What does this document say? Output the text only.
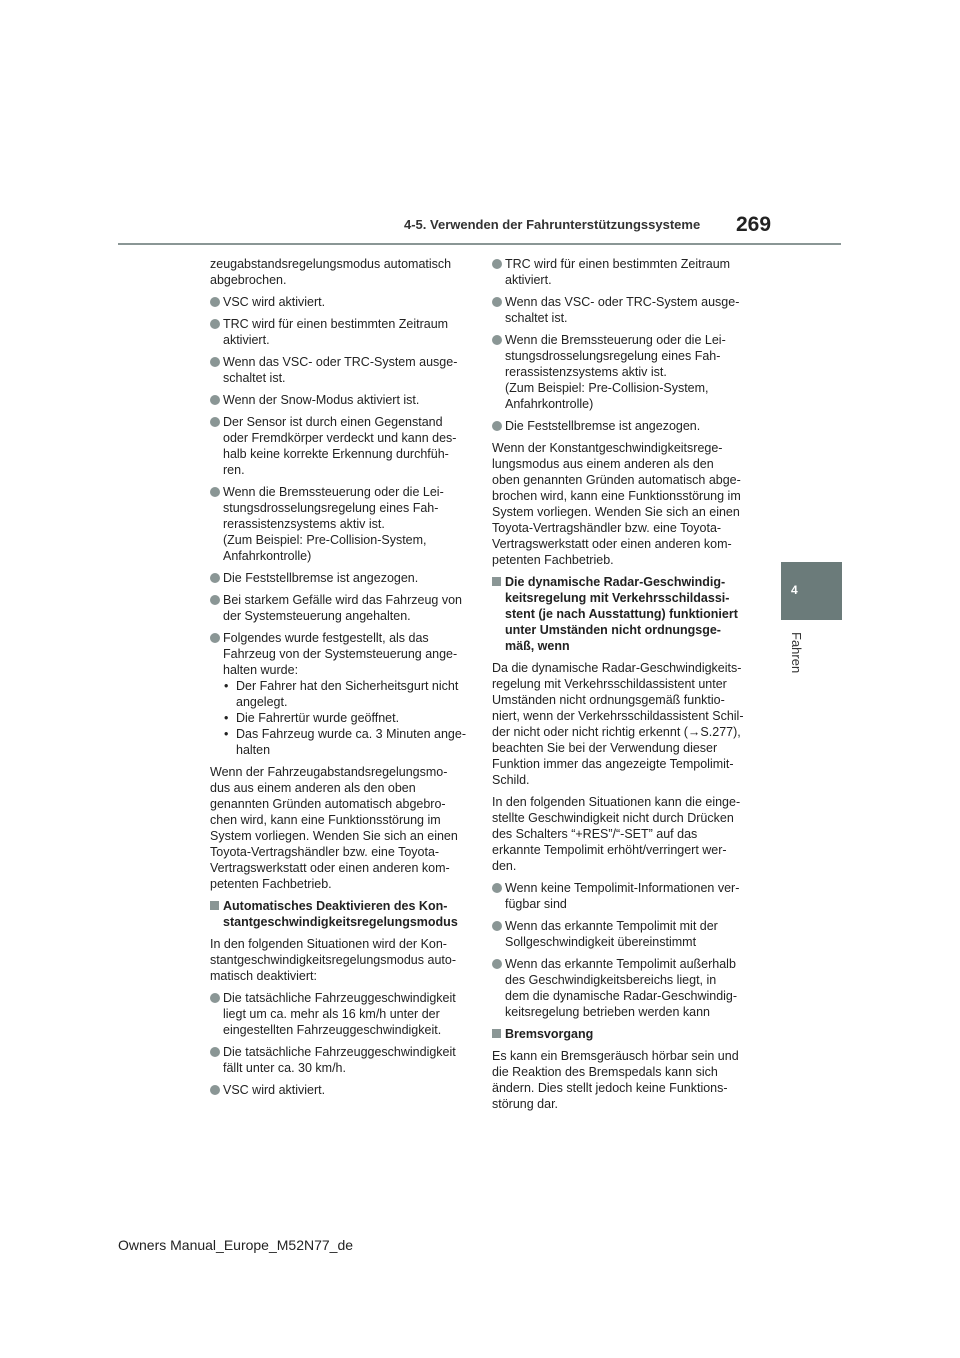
4-5. Verwenden der Fahrunterstützungssysteme 269
4
Fahren
zeugabstandsregelungsmodus automatisch
abgebrochen.
VSC wird aktiviert.
TRC wird für einen bestimmten Zeitraum
aktiviert.
Wenn das VSC- oder TRC-System ausge-
schaltet ist.
Wenn der Snow-Modus aktiviert ist.
Der Sensor ist durch einen Gegenstand
oder Fremdkörper verdeckt und kann des-
halb keine korrekte Erkennung durchfüh-
ren.
Wenn die Bremssteuerung oder die Lei-
stungsdrosselungsregelung eines Fah-
rerassistenzsystems aktiv ist.
(Zum Beispiel: Pre-Collision-System,
Anfahrkontrolle)
Die Feststellbremse ist angezogen.
Bei starkem Gefälle wird das Fahrzeug von
der Systemsteuerung angehalten.
Folgendes wurde festgestellt, als das
Fahrzeug von der Systemsteuerung ange-
halten wurde:
• Der Fahrer hat den Sicherheitsgurt nicht
angelegt.
• Die Fahrertür wurde geöffnet.
• Das Fahrzeug wurde ca. 3 Minuten ange-
halten
Wenn der Fahrzeugabstandsregelungsmo-
dus aus einem anderen als den oben
genannten Gründen automatisch abgebro-
chen wird, kann eine Funktionsstörung im
System vorliegen. Wenden Sie sich an einen
Toyota-Vertragshändler bzw. eine Toyota-
Vertragswerkstatt oder einen anderen kom-
petenten Fachbetrieb.
Automatisches Deaktivieren des Kon-
stantgeschwindigkeitsregelungsmodus
In den folgenden Situationen wird der Kon-
stantgeschwindigkeitsregelungsmodus auto-
matisch deaktiviert:
Die tatsächliche Fahrzeuggeschwindigkeit
liegt um ca. mehr als 16 km/h unter der
eingestellten Fahrzeuggeschwindigkeit.
Die tatsächliche Fahrzeuggeschwindigkeit
fällt unter ca. 30 km/h.
VSC wird aktiviert.
TRC wird für einen bestimmten Zeitraum
aktiviert.
Wenn das VSC- oder TRC-System ausge-
schaltet ist.
Wenn die Bremssteuerung oder die Lei-
stungsdrosselungsregelung eines Fah-
rerassistenzsystems aktiv ist.
(Zum Beispiel: Pre-Collision-System,
Anfahrkontrolle)
Die Feststellbremse ist angezogen.
Wenn der Konstantgeschwindigkeitsrege-
lungsmodus aus einem anderen als den
oben genannten Gründen automatisch abge-
brochen wird, kann eine Funktionsstörung im
System vorliegen. Wenden Sie sich an einen
Toyota-Vertragshändler bzw. eine Toyota-
Vertragswerkstatt oder einen anderen kom-
petenten Fachbetrieb.
Die dynamische Radar-Geschwindig-
keitsregelung mit Verkehrsschildassi-
stent (je nach Ausstattung) funktioniert
unter Umständen nicht ordnungsge-
mäß, wenn
Da die dynamische Radar-Geschwindigkeits-
regelung mit Verkehrsschildassistent unter
Umständen nicht ordnungsgemäß funktio-
niert, wenn der Verkehrsschildassistent Schil-
der nicht oder nicht richtig erkennt (→S.277),
beachten Sie bei der Verwendung dieser
Funktion immer das angezeigte Tempolimit-
Schild.
In den folgenden Situationen kann die einge-
stellte Geschwindigkeit nicht durch Drücken
des Schalters “+RES”/“-SET” auf das
erkannte Tempolimit erhöht/verringert wer-
den.
Wenn keine Tempolimit-Informationen ver-
fügbar sind
Wenn das erkannte Tempolimit mit der
Sollgeschwindigkeit übereinstimmt
Wenn das erkannte Tempolimit außerhalb
des Geschwindigkeitsbereichs liegt, in
dem die dynamische Radar-Geschwindig-
keitsregelung betrieben werden kann
Bremsvorgang
Es kann ein Bremsgeräusch hörbar sein und
die Reaktion des Bremspedals kann sich
ändern. Dies stellt jedoch keine Funktions-
störung dar.
Owners Manual_Europe_M52N77_de
